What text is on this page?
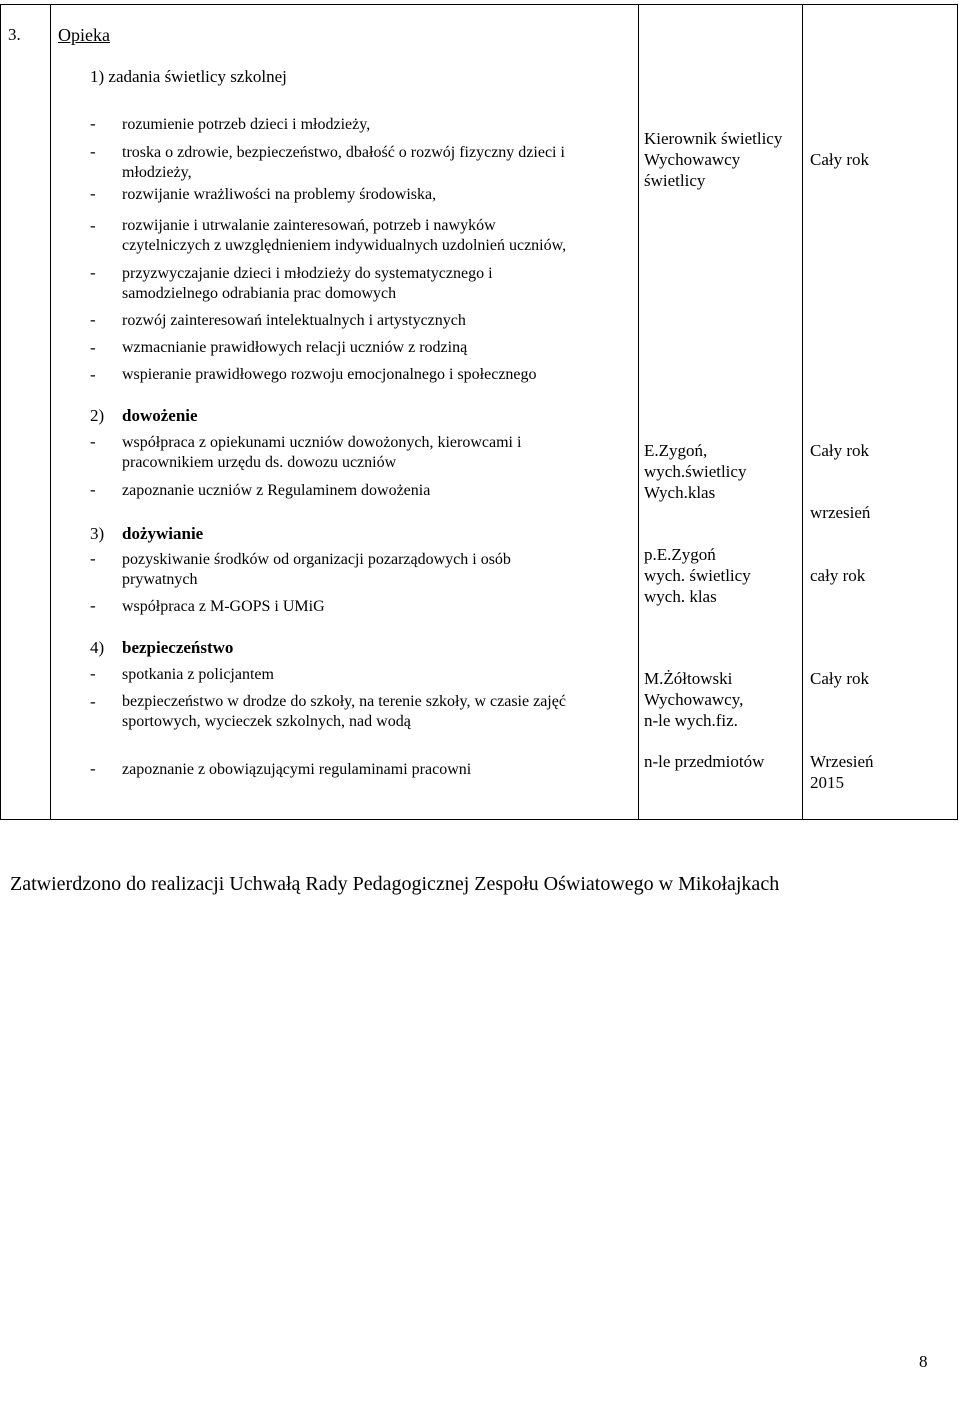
3. Opieka
1) zadania świetlicy szkolnej
- rozumienie potrzeb dzieci i młodzieży,
- troska o zdrowie, bezpieczeństwo, dbałość o rozwój fizyczny dzieci i
młodzieży,
- rozwijanie wrażliwości na problemy środowiska,
- rozwijanie i utrwalanie zainteresowań, potrzeb i nawyków
czytelniczych z uwzględnieniem indywidualnych uzdolnień uczniów,
- przyzwyczajanie dzieci i młodzieży do systematycznego i
samodzielnego odrabiania prac domowych
- rozwój zainteresowań intelektualnych i artystycznych
- wzmacnianie prawidłowych relacji uczniów z rodziną
- wspieranie prawidłowego rozwoju emocjonalnego i społecznego
Kierownik świetlicy
Wychowawcy
świetlicy
Cały rok
2) dowożenie
- współpraca z opiekunami uczniów dowożonych, kierowcami i
pracownikiem urzędu ds. dowozu uczniów
- zapoznanie uczniów z Regulaminem dowożenia
E.Zygoń,
wych.świetlicy
Wych.klas
Cały rok
wrzesień
3) dożywianie
- pozyskiwanie środków od organizacji pozarządowych i osób
prywatnych
- współpraca z M-GOPS i UMiG
p.E.Zygoń
wych. świetlicy
wych. klas
cały rok
4) bezpieczeństwo
- spotkania z policjantem
- bezpieczeństwo w drodze do szkoły, na terenie szkoły, w czasie zajęć
sportowych, wycieczek szkolnych, nad wodą
- zapoznanie z obowiązującymi regulaminami pracowni
M.Żółtowski
Wychowawcy,
n-le wych.fiz.
Cały rok
n-le przedmiotów	Wrzesień
2015
Zatwierdzono do realizacji Uchwałą Rady Pedagogicznej Zespołu Oświatowego w Mikołajkach
8
